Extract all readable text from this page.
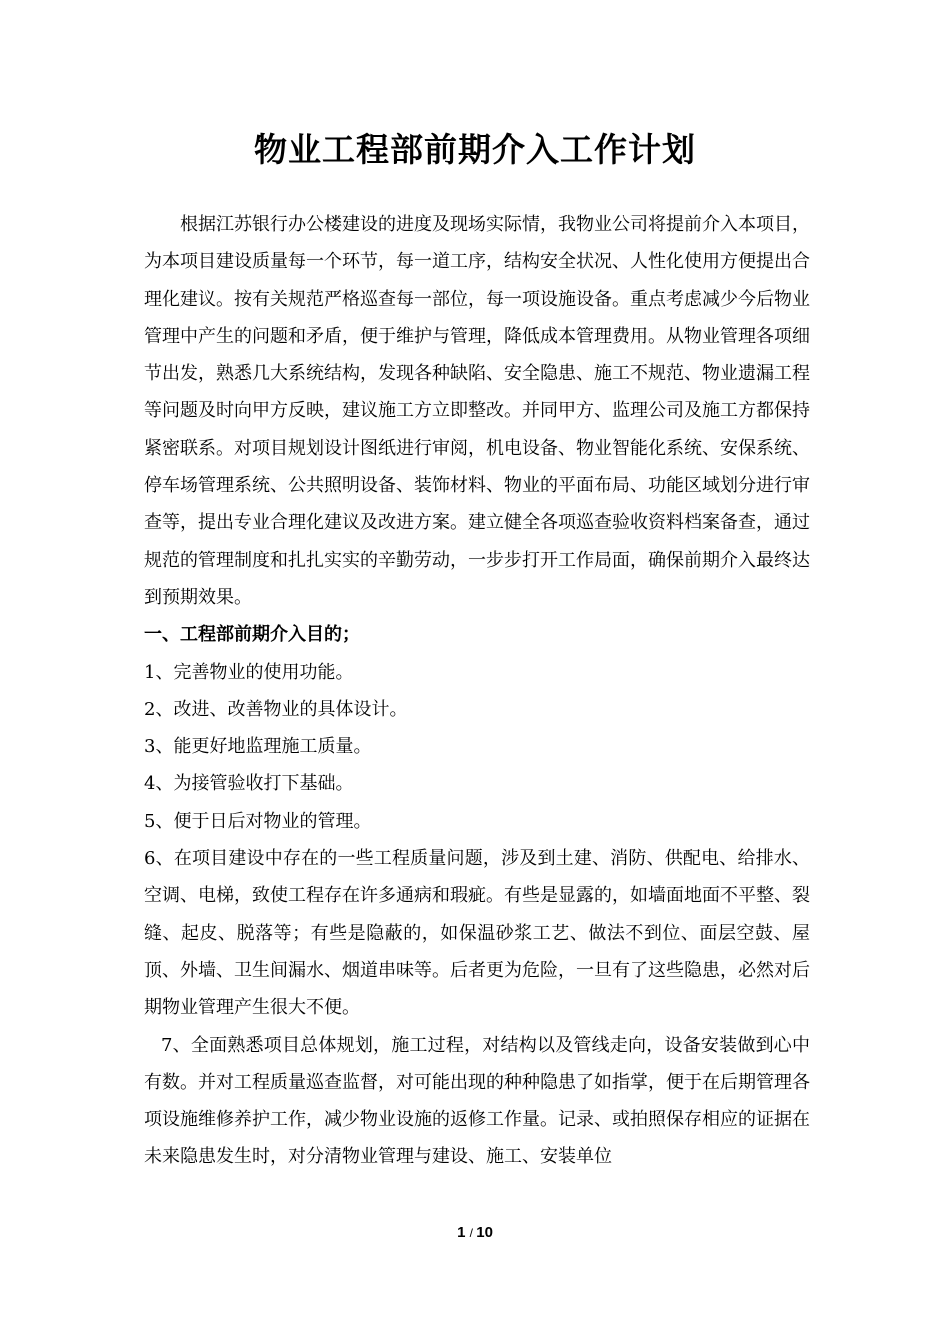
物业工程部前期介入工作计划

根据江苏银行办公楼建设的进度及现场实际情，我物业公司将提前介入本项目，为本项目建设质量每一个环节，每一道工序，结构安全状况、人性化使用方便提出合理化建议。按有关规范严格巡查每一部位，每一项设施设备。重点考虑减少今后物业管理中产生的问题和矛盾，便于维护与管理，降低成本管理费用。从物业管理各项细节出发，熟悉几大系统结构，发现各种缺陷、安全隐患、施工不规范、物业遗漏工程等问题及时向甲方反映，建议施工方立即整改。并同甲方、监理公司及施工方都保持紧密联系。对项目规划设计图纸进行审阅，机电设备、物业智能化系统、安保系统、停车场管理系统、公共照明设备、装饰材料、物业的平面布局、功能区域划分进行审查等，提出专业合理化建议及改进方案。建立健全各项巡查验收资料档案备查，通过规范的管理制度和扎扎实实的辛勤劳动，一步步打开工作局面，确保前期介入最终达到预期效果。

一、工程部前期介入目的；

1、完善物业的使用功能。

2、改进、改善物业的具体设计。

3、能更好地监理施工质量。

4、为接管验收打下基础。

5、便于日后对物业的管理。

6、在项目建设中存在的一些工程质量问题，涉及到土建、消防、供配电、给排水、空调、电梯，致使工程存在许多通病和瑕疵。有些是显露的，如墙面地面不平整、裂缝、起皮、脱落等；有些是隐蔽的，如保温砂浆工艺、做法不到位、面层空鼓、屋顶、外墙、卫生间漏水、烟道串味等。后者更为危险，一旦有了这些隐患，必然对后期物业管理产生很大不便。

7、全面熟悉项目总体规划，施工过程，对结构以及管线走向，设备安装做到心中有数。并对工程质量巡查监督，对可能出现的种种隐患了如指掌，便于在后期管理各项设施维修养护工作，减少物业设施的返修工作量。记录、或拍照保存相应的证据在未来隐患发生时，对分清物业管理与建设、施工、安装单位

1 / 10
